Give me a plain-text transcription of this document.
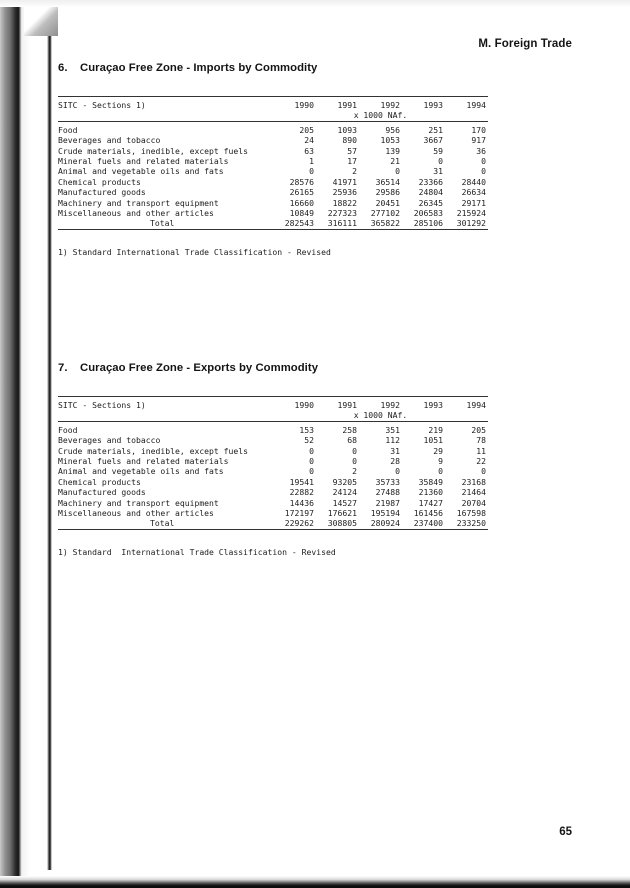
M. Foreign Trade
6. Curaçao Free Zone - Imports by Commodity

SITC - Sections 1)	1990	1991	1992	1993	1994
	x 1000 NAf.				

Food	205	1093	956	251	170
Beverages and tobacco	24	890	1053	3667	917
Crude materials, inedible, except fuels	63	57	139	59	36
Mineral fuels and related materials	1	17	21	0	0
Animal and vegetable oils and fats	0	2	0	31	0
Chemical products	28576	41971	36514	23366	28440
Manufactured goods	26165	25936	29586	24804	26634
Machinery and transport equipment	16660	18822	20451	26345	29171
Miscellaneous and other articles	10849	227323	277102	206583	215924
Total	282543	316111	365822	285106	301292

1) Standard International Trade Classification - Revised
7. Curaçao Free Zone - Exports by Commodity

SITC - Sections 1)	1990	1991	1992	1993	1994
	x 1000 NAf.				

Food	153	258	351	219	205
Beverages and tobacco	52	68	112	1051	78
Crude materials, inedible, except fuels	0	0	31	29	11
Mineral fuels and related materials	0	0	28	9	22
Animal and vegetable oils and fats	0	2	0	0	0
Chemical products	19541	93205	35733	35849	23168
Manufactured goods	22882	24124	27488	21360	21464
Machinery and transport equipment	14436	14527	21987	17427	20704
Miscellaneous and other articles	172197	176621	195194	161456	167598
Total	229262	308805	280924	237400	233250

1) Standard  International Trade Classification - Revised
65
